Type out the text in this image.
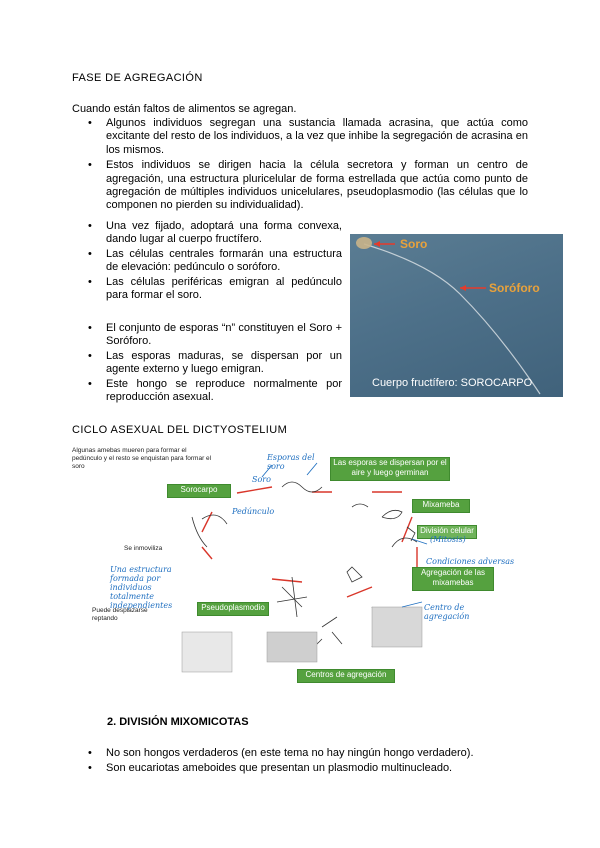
FASE DE AGREGACIÓN
Cuando están faltos de alimentos se agregan.
• Algunos individuos segregan una sustancia llamada acrasina, que actúa como excitante del resto de los individuos, a la vez que inhibe la segregación de acrasina en los mismos.
• Estos individuos se dirigen hacia la célula secretora y forman un centro de agregación, una estructura pluricelular de forma estrellada que actúa como punto de agregación de múltiples individuos unicelulares, pseudoplasmodio (las células que lo componen no pierden su individualidad).
• Una vez fijado, adoptará una forma convexa, dando lugar al cuerpo fructífero.
• Las células centrales formarán una estructura de elevación: pedúnculo o soróforo.
• Las células periféricas emigran al pedúnculo para formar el soro.
• El conjunto de esporas “n” constituyen el Soro + Soróforo.
• Las esporas maduras, se dispersan por un agente externo y luego emigran.
• Este hongo se reproduce normalmente por reproducción asexual.
Soro
Soróforo
Cuerpo fructífero: SOROCARPO
CICLO ASEXUAL DEL DICTYOSTELIUM
Algunas amebas mueren para formar el pedúnculo y el resto se enquistan para formar el soro
Sorocarpo
Las esporas se dispersan por el aire y luego germinan
Mixameba
División celular
Agregación de las mixamebas
Pseudoplasmodio
Centros de agregación
Se inmoviliza
Puede desplazarse reptando
Soro
Esporas del soro
Pedúnculo
(Mitosis)
Condiciones adversas
Centro de agregación
Una estructura formada por individuos totalmente independientes
2. DIVISIÓN MIXOMICOTAS
• No son hongos verdaderos (en este tema no hay ningún hongo verdadero).
• Son eucariotas ameboides que presentan un plasmodio multinucleado.
